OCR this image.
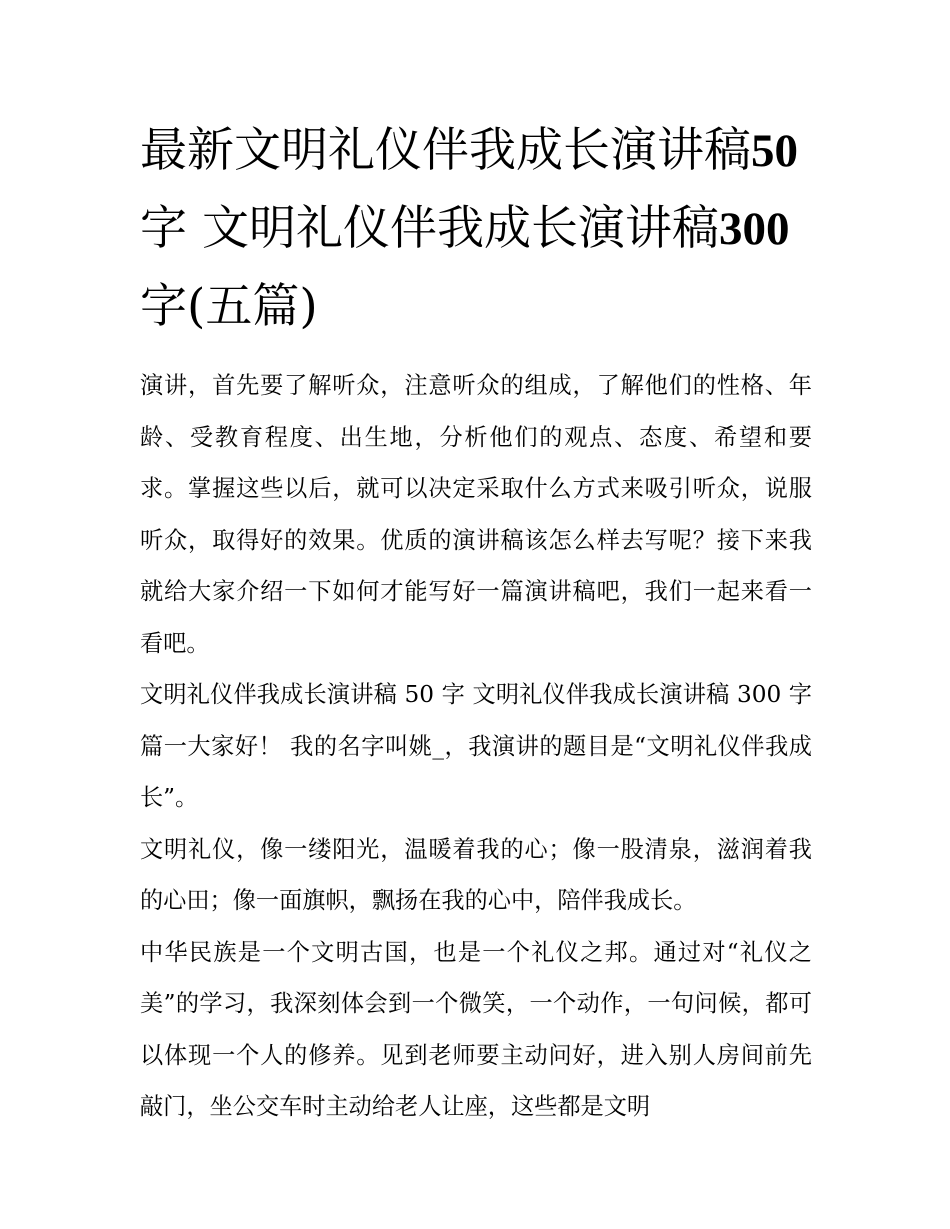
最新文明礼仪伴我成长演讲稿50 字 文明礼仪伴我成长演讲稿300 字(五篇)

演讲，首先要了解听众，注意听众的组成，了解他们的性格、年龄、受教育程度、出生地，分析他们的观点、态度、希望和要求。掌握这些以后，就可以决定采取什么方式来吸引听众，说服听众，取得好的效果。优质的演讲稿该怎么样去写呢？接下来我就给大家介绍一下如何才能写好一篇演讲稿吧，我们一起来看一看吧。

文明礼仪伴我成长演讲稿 50 字 文明礼仪伴我成长演讲稿 300 字篇一大家好！ 我的名字叫姚_，我演讲的题目是“文明礼仪伴我成长”。

文明礼仪，像一缕阳光，温暖着我的心；像一股清泉，滋润着我的心田；像一面旗帜，飘扬在我的心中，陪伴我成长。

中华民族是一个文明古国，也是一个礼仪之邦。通过对“礼仪之美”的学习，我深刻体会到一个微笑，一个动作，一句问候，都可以体现一个人的修养。见到老师要主动问好，进入别人房间前先敲门，坐公交车时主动给老人让座，这些都是文明
